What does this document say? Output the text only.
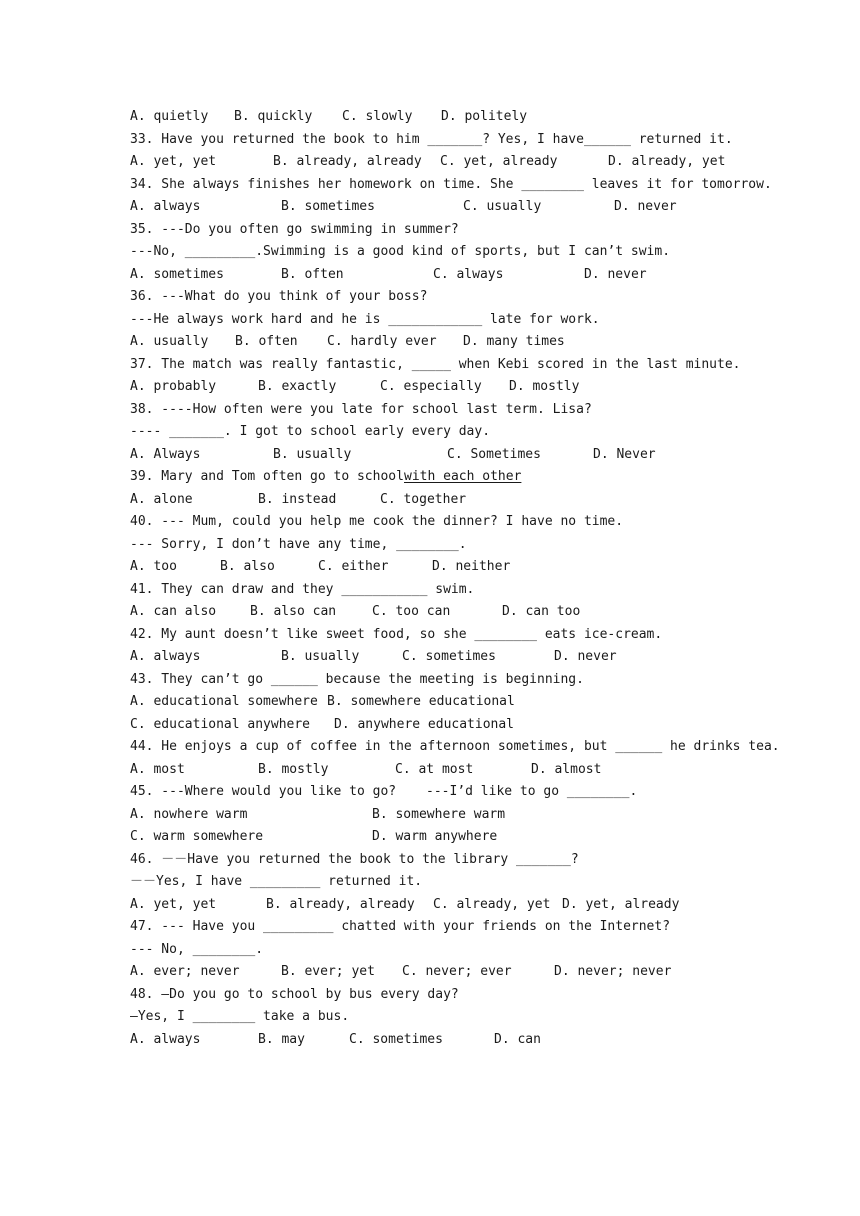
A. quietly B. quickly C. slowly D. politely
33. Have you returned the book to him _______? Yes, I have______ returned it.
A. yet, yet	B. already, already C. yet, already	D. already, yet
34. She always finishes her homework on time. She ________ leaves it for tomorrow.
A. always	B. sometimes	C. usually	D. never
35. ---Do you often go swimming in summer?
---No, _________.Swimming is a good kind of sports, but I can’t swim.
A. sometimes	B. often	C. always	D. never
36. ---What do you think of your boss?
---He always work hard and he is ____________ late for work.
A. usually B. often C. hardly ever D. many times
37. The match was really fantastic, _____ when Kebi scored in the last minute.
A. probably	B. exactly	C. especially D. mostly
38. ----How often were you late for school last term. Lisa?
---- _______. I got to school early every day.
A. Always	B. usually	C. Sometimes	D. Never
39. Mary and Tom often go to school
with each other
A. alone	B. instead	C. together
40. --- Mum, could you help me cook the dinner? I have no time.
--- Sorry, I don’t have any time, ________.
A. too	B. also	C. either	D. neither
41. They can draw and they ___________ swim.
A. can also	B. also can	C. too can	D. can too
42. My aunt doesn’t like sweet food, so she ________ eats ice-cream.
A. always	B. usually	C. sometimes	D. never
43. They can’t go ______ because the meeting is beginning.
A. educational somewhere B. somewhere educational
C. educational anywhere D. anywhere educational
44. He enjoys a cup of coffee in the afternoon sometimes, but ______ he drinks tea.
A. most	B. mostly	C. at most	D. almost
45. ---Where would you like to go? ---I’d like to go ________.
A. nowhere warm	B. somewhere warm
C. warm somewhere	D. warm anywhere
46. －－Have you returned the book to the library _______?
－－Yes, I have _________ returned it.
A. yet, yet	B. already, already C. already, yet D. yet, already
47. --- Have you _________ chatted with your friends on the Internet?
--- No, ________.
A. ever; never	B. ever; yet C. never; ever	D. never; never
48. —Do you go to school by bus every day?
—Yes, I ________ take a bus.
A. always	B. may	C. sometimes	D. can
